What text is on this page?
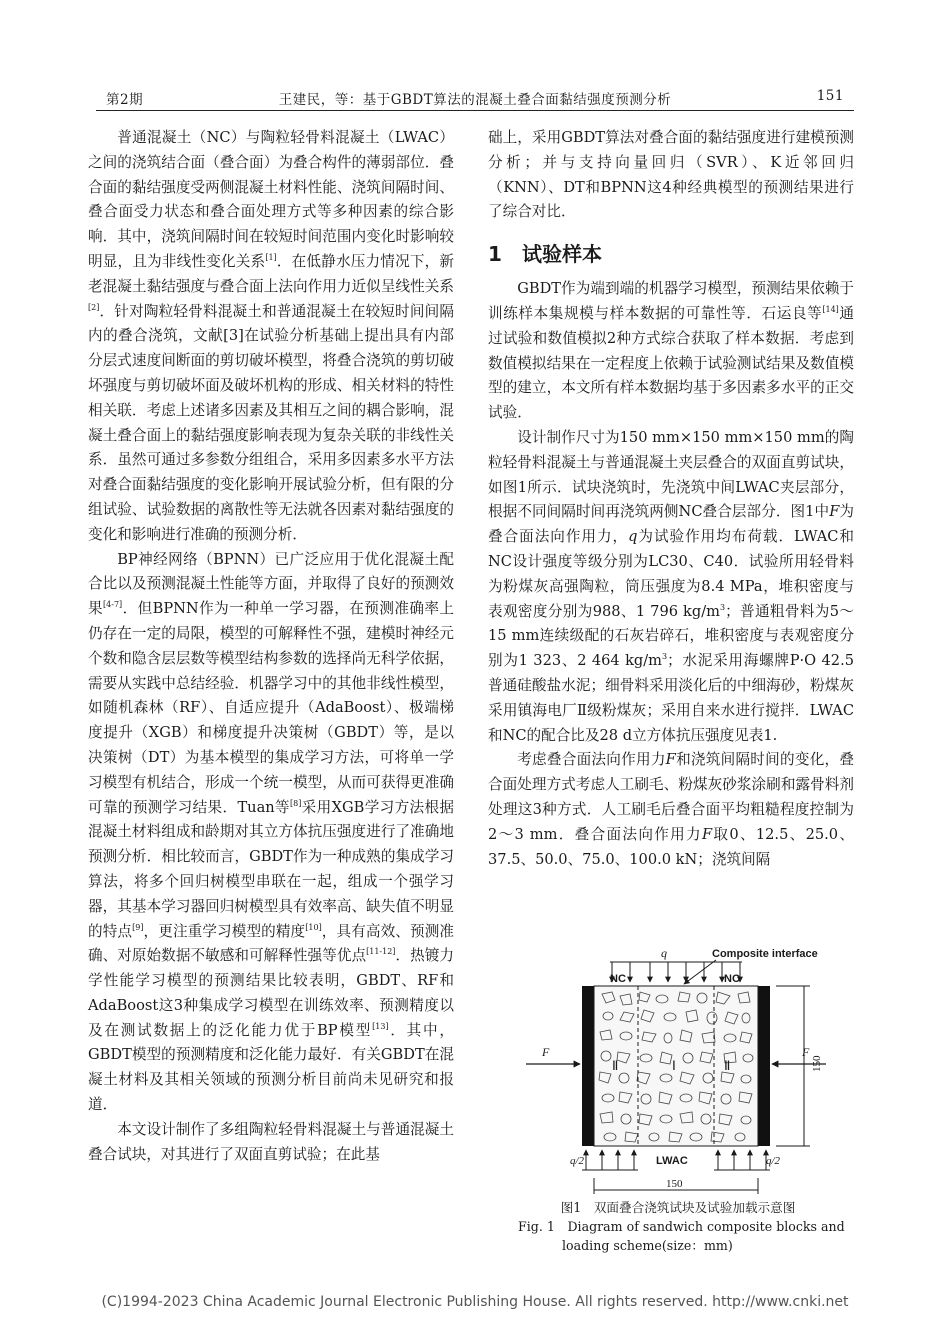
第2期	王建民，等：基于GBDT算法的混凝土叠合面黏结强度预测分析	151

普通混凝土（NC）与陶粒轻骨料混凝土（LWAC）之间的浇筑结合面（叠合面）为叠合构件的薄弱部位．叠合面的黏结强度受两侧混凝土材料性能、浇筑间隔时间、叠合面受力状态和叠合面处理方式等多种因素的综合影响．其中，浇筑间隔时间在较短时间范围内变化时影响较明显，且为非线性变化关系[1]．在低静水压力情况下，新老混凝土黏结强度与叠合面上法向作用力近似呈线性关系[2]．针对陶粒轻骨料混凝土和普通混凝土在较短时间间隔内的叠合浇筑，文献[3]在试验分析基础上提出具有内部分层式速度间断面的剪切破坏模型，将叠合浇筑的剪切破坏强度与剪切破坏面及破坏机构的形成、相关材料的特性相关联．考虑上述诸多因素及其相互之间的耦合影响，混凝土叠合面上的黏结强度影响表现为复杂关联的非线性关系．虽然可通过多参数分组组合，采用多因素多水平方法对叠合面黏结强度的变化影响开展试验分析，但有限的分组试验、试验数据的离散性等无法就各因素对黏结强度的变化和影响进行准确的预测分析．

BP神经网络（BPNN）已广泛应用于优化混凝土配合比以及预测混凝土性能等方面，并取得了良好的预测效果[4-7]．但BPNN作为一种单一学习器，在预测准确率上仍存在一定的局限，模型的可解释性不强，建模时神经元个数和隐含层层数等模型结构参数的选择尚无科学依据，需要从实践中总结经验．机器学习中的其他非线性模型，如随机森林（RF）、自适应提升（AdaBoost）、极端梯度提升（XGB）和梯度提升决策树（GBDT）等，是以决策树（DT）为基本模型的集成学习方法，可将单一学习模型有机结合，形成一个统一模型，从而可获得更准确可靠的预测学习结果．Tuan等[8]采用XGB学习方法根据混凝土材料组成和龄期对其立方体抗压强度进行了准确地预测分析．相比较而言，GBDT作为一种成熟的集成学习算法，将多个回归树模型串联在一起，组成一个强学习器，其基本学习器回归树模型具有效率高、缺失值不明显的特点[9]，更注重学习模型的精度[10]，具有高效、预测准确、对原始数据不敏感和可解释性强等优点[11-12]．热镀力学性能学习模型的预测结果比较表明，GBDT、RF和AdaBoost这3种集成学习模型在训练效率、预测精度以及在测试数据上的泛化能力优于BP模型[13]．其中，GBDT模型的预测精度和泛化能力最好．有关GBDT在混凝土材料及其相关领域的预测分析目前尚未见研究和报道．

本文设计制作了多组陶粒轻骨料混凝土与普通混凝土叠合试块，对其进行了双面直剪试验；在此基

础上，采用GBDT算法对叠合面的黏结强度进行建模预测分析；并与支持向量回归（SVR）、K近邻回归（KNN）、DT和BPNN这4种经典模型的预测结果进行了综合对比．

1 试验样本

GBDT作为端到端的机器学习模型，预测结果依赖于训练样本集规模与样本数据的可靠性等．石运良等[14]通过试验和数值模拟2种方式综合获取了样本数据．考虑到数值模拟结果在一定程度上依赖于试验测试结果及数值模型的建立，本文所有样本数据均基于多因素多水平的正交试验．

设计制作尺寸为150 mm×150 mm×150 mm的陶粒轻骨料混凝土与普通混凝土夹层叠合的双面直剪试块，如图1所示．试块浇筑时，先浇筑中间LWAC夹层部分，根据不同间隔时间再浇筑两侧NC叠合层部分．图1中F为叠合面法向作用力，q为试验作用均布荷载．LWAC和NC设计强度等级分别为LC30、C40．试验所用轻骨料为粉煤灰高强陶粒，筒压强度为8.4 MPa，堆积密度与表观密度分别为988、1 796 $kg/m^3$；普通粗骨料为5～15 mm连续级配的石灰岩碎石，堆积密度与表观密度分别为1 323、2 464 $kg/m^3$；水泥采用海螺牌P·O 42.5普通硅酸盐水泥；细骨料采用淡化后的中细海砂，粉煤灰采用镇海电厂Ⅱ级粉煤灰；采用自来水进行搅拌．LWAC和NC的配合比及28 d立方体抗压强度见表1.

考虑叠合面法向作用力F和浇筑间隔时间的变化，叠合面处理方式考虑人工刷毛、粉煤灰砂浆涂刷和露骨料剂处理这3种方式．人工刷毛后叠合面平均粗糙程度控制为2～3 mm．叠合面法向作用力F取0、12.5、25.0、37.5、50.0、75.0、100.0 kN；浇筑间隔

q	Composite interface
NC	NC
Ⅱ	Ⅰ	Ⅱ
F	F
150
q/2	q/2
LWAC
150
图1　双面叠合浇筑试块及试验加载示意图
Fig. 1　Diagram of sandwich composite blocks and
loading scheme(size：mm)
(C)1994-2023 China Academic Journal Electronic Publishing House. All rights reserved. http://www.cnki.net
